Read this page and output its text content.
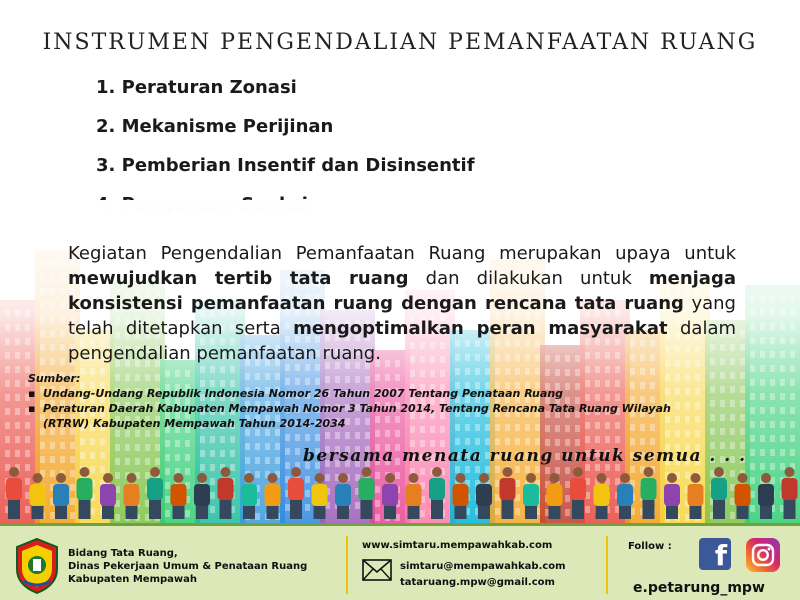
INSTRUMEN PENGENDALIAN PEMANFAATAN RUANG
1. Peraturan Zonasi
2. Mekanisme Perijinan
3. Pemberian Insentif dan Disinsentif
Kegiatan Pengendalian Pemanfaatan Ruang merupakan upaya untuk mewujudkan tertib tata ruang dan dilakukan untuk menjaga konsistensi pemanfaatan ruang dengan rencana tata ruang yang telah ditetapkan serta mengoptimalkan peran masyarakat dalam pengendalian pemanfaatan ruang.
Sumber:
▪ Undang-Undang Republik Indonesia Nomor 26 Tahun 2007 Tentang Penataan Ruang
▪ Peraturan Daerah Kabupaten Mempawah Nomor 3 Tahun 2014, Tentang Rencana Tata Ruang Wilayah (RTRW) Kabupaten Mempawah Tahun 2014-2034
bersama menata ruang untuk semua . . .
Bidang Tata Ruang,
Dinas Pekerjaan Umum & Penataan Ruang
Kabupaten Mempawah
www.simtaru.mempawahkab.com
simtaru@mempawahkab.com
tataruang.mpw@gmail.com
Follow :	f
e.petarung_mpw
